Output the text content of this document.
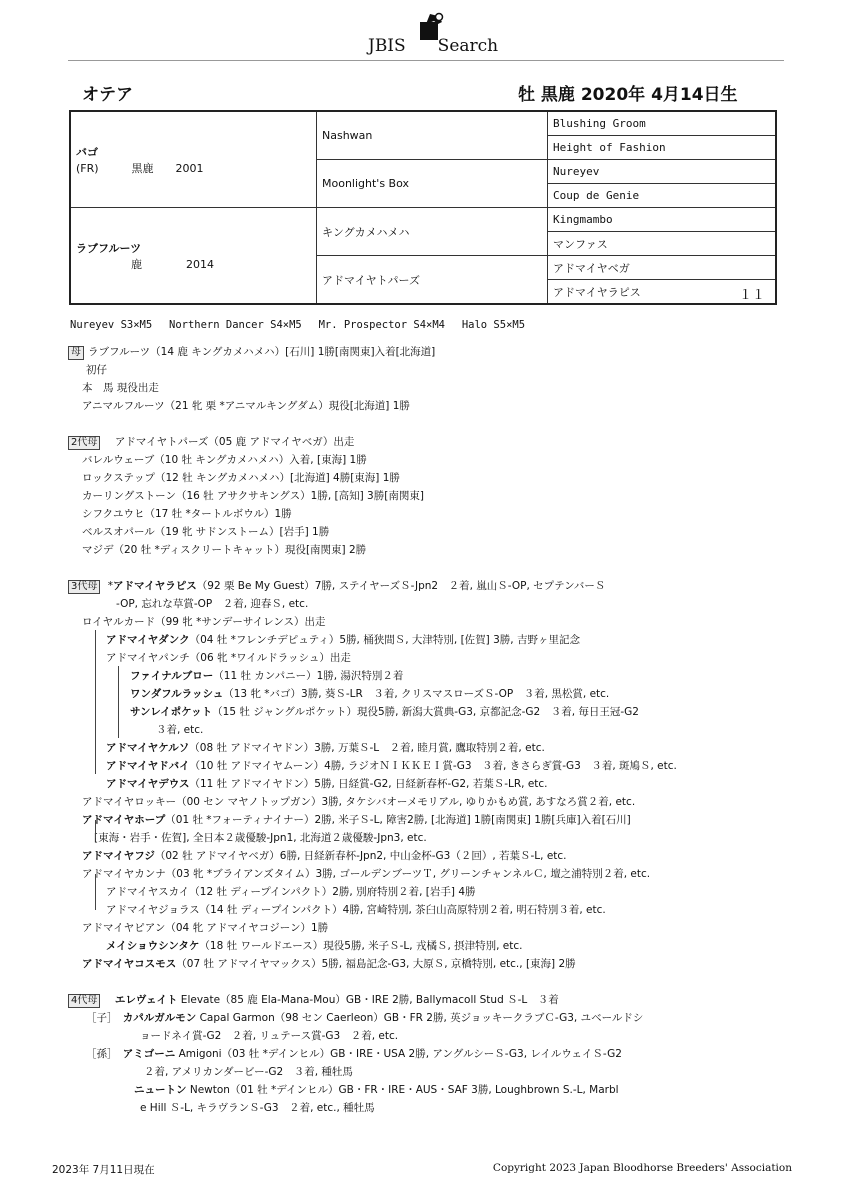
JBIS Search
オテア	牡 黒鹿 2020年 4月14日生
バゴ
(FR)　　　黒鹿　　2001	Nashwan	Blushing Groom
		Height of Fashion
	Moonlight's Box	Nureyev
		Coup de Genie

ラブフルーツ
　　　　　鹿　　　　2014	キングカメハメハ	Kingmambo
		マンファス
	アドマイヤトパーズ	アドマイヤベガ
		アドマイヤラピス １１
Nureyev S3×M5　 Northern Dancer S4×M5　 Mr. Prospector S4×M4　 Halo S5×M5
母 ラブフルーツ（14 鹿 キングカメハメハ）[石川] 1勝[南関東]入着[北海道]
初仔
本　馬 現役出走
アニマルフルーツ（21 牝 栗 *アニマルキングダム）現役[北海道] 1勝
2代母　アドマイヤトパーズ（05 鹿 アドマイヤベガ）出走
バレルウェーブ（10 牡 キングカメハメハ）入着, [東海] 1勝
ロックステップ（12 牡 キングカメハメハ）[北海道] 4勝[東海] 1勝
カーリングストーン（16 牡 アサクサキングス）1勝, [高知] 3勝[南関東]
シフクユウヒ（17 牡 *タートルボウル）1勝
ベルスオパール（19 牝 サドンストーム）[岩手] 1勝
マジデ（20 牡 *ディスクリートキャット）現役[南関東] 2勝
3代母 *アドマイヤラピス（92 栗 Be My Guest）7勝, ステイヤーズＳ-Jpn2　２着, 嵐山Ｓ-OP, セプテンバーＳ
-OP, 忘れな草賞-OP　２着, 迎春Ｓ, etc.
ロイヤルカード（99 牝 *サンデーサイレンス）出走
アドマイヤダンク（04 牡 *フレンチデピュティ）5勝, 桶狭間Ｓ, 大津特別, [佐賀] 3勝, 吉野ヶ里記念
アドマイヤパンチ（06 牝 *ワイルドラッシュ）出走
ファイナルブロー（11 牡 カンパニー）1勝, 湯沢特別２着
ワンダフルラッシュ（13 牝 *バゴ）3勝, 葵Ｓ-LR　３着, クリスマスローズＳ-OP　３着, 黒松賞, etc.
サンレイポケット（15 牡 ジャングルポケット）現役5勝, 新潟大賞典-G3, 京都記念-G2　３着, 毎日王冠-G2
３着, etc.
アドマイヤケルソ（08 牡 アドマイヤドン）3勝, 万葉Ｓ-L　２着, 睦月賞, 鷹取特別２着, etc.
アドマイヤドバイ（10 牡 アドマイヤムーン）4勝, ラジオＮＩＫＫＥＩ賞-G3　３着, きさらぎ賞-G3　３着, 斑鳩Ｓ, etc.
アドマイヤデウス（11 牡 アドマイヤドン）5勝, 日経賞-G2, 日経新春杯-G2, 若葉Ｓ-LR, etc.
アドマイヤロッキー（00 セン マヤノトップガン）3勝, タケシバオーメモリアル, ゆりかもめ賞, あすなろ賞２着, etc.
アドマイヤホープ（01 牡 *フォーティナイナー）2勝, 米子Ｓ-L, 障害2勝, [北海道] 1勝[南関東] 1勝[兵庫]入着[石川]
[東海・岩手・佐賀], 全日本２歳優駿-Jpn1, 北海道２歳優駿-Jpn3, etc.
アドマイヤフジ（02 牡 アドマイヤベガ）6勝, 日経新春杯-Jpn2, 中山金杯-G3（２回）, 若葉Ｓ-L, etc.
アドマイヤカンナ（03 牝 *ブライアンズタイム）3勝, ゴールデンブーツＴ, グリーンチャンネルＣ, 壇之浦特別２着, etc.
アドマイヤスカイ（12 牡 ディープインパクト）2勝, 別府特別２着, [岩手] 4勝
アドマイヤジョラス（14 牡 ディープインパクト）4勝, 宮崎特別, 茶臼山高原特別２着, 明石特別３着, etc.
アドマイヤピアン（04 牝 アドマイヤコジーン）1勝
メイショウシンタケ（18 牡 ワールドエース）現役5勝, 米子Ｓ-L, 戎橘Ｓ, 摂津特別, etc.
アドマイヤコスモス（07 牡 アドマイヤマックス）5勝, 福島記念-G3, 大原Ｓ, 京橋特別, etc., [東海] 2勝
4代母　 エレヴェイト Elevate（85 鹿 Ela-Mana-Mou）GB・IRE 2勝, Ballymacoll Stud Ｓ-L　３着
［子］　カパルガルモン Capal Garmon（98 セン Caerleon）GB・FR 2勝, 英ジョッキークラブＣ-G3, ユベールドシ
ョードネイ賞-G2　２着, リュテース賞-G3　２着, etc.
［孫］　アミゴーニ Amigoni（03 牡 *デインヒル）GB・IRE・USA 2勝, アングルシーＳ-G3, レイルウェイＳ-G2
２着, アメリカンダービー-G2　３着, 種牡馬
ニュートン Newton（01 牡 *デインヒル）GB・FR・IRE・AUS・SAF 3勝, Loughbrown S.-L, Marbl
e Hill Ｓ-L, キラヴランＳ-G3　２着, etc., 種牡馬
2023年 7月11日現在	Copyright 2023 Japan Bloodhorse Breeders' Association
